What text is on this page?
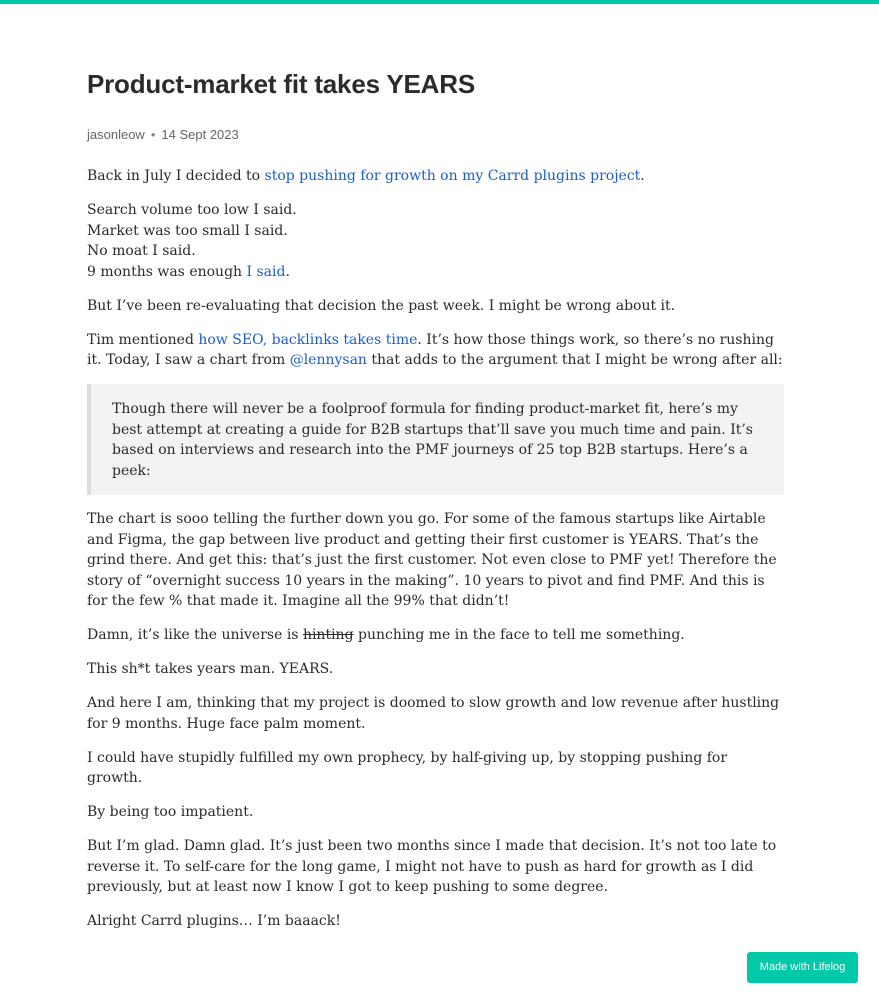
Product-market fit takes YEARS
jasonleow • 14 Sept 2023

Back in July I decided to stop pushing for growth on my Carrd plugins project.

Search volume too low I said.
Market was too small I said.
No moat I said.
9 months was enough I said.

But I’ve been re-evaluating that decision the past week. I might be wrong about it.

Tim mentioned how SEO, backlinks takes time. It’s how those things work, so there’s no rushing it. Today, I saw a chart from @lennysan that adds to the argument that I might be wrong after all:

Though there will never be a foolproof formula for finding product-market fit, here’s my best attempt at creating a guide for B2B startups that’ll save you much time and pain. It’s based on interviews and research into the PMF journeys of 25 top B2B startups. Here’s a peek:

The chart is sooo telling the further down you go. For some of the famous startups like Airtable and Figma, the gap between live product and getting their first customer is YEARS. That’s the grind there. And get this: that’s just the first customer. Not even close to PMF yet! Therefore the story of “overnight success 10 years in the making”. 10 years to pivot and find PMF. And this is for the few % that made it. Imagine all the 99% that didn’t!

Damn, it’s like the universe is hinting punching me in the face to tell me something.

This sh*t takes years man. YEARS.

And here I am, thinking that my project is doomed to slow growth and low revenue after hustling for 9 months. Huge face palm moment.

I could have stupidly fulfilled my own prophecy, by half-giving up, by stopping pushing for growth.

By being too impatient.

But I’m glad. Damn glad. It’s just been two months since I made that decision. It’s not too late to reverse it. To self-care for the long game, I might not have to push as hard for growth as I did previously, but at least now I know I got to keep pushing to some degree.

Alright Carrd plugins… I’m baaack!

Made with Lifelog
